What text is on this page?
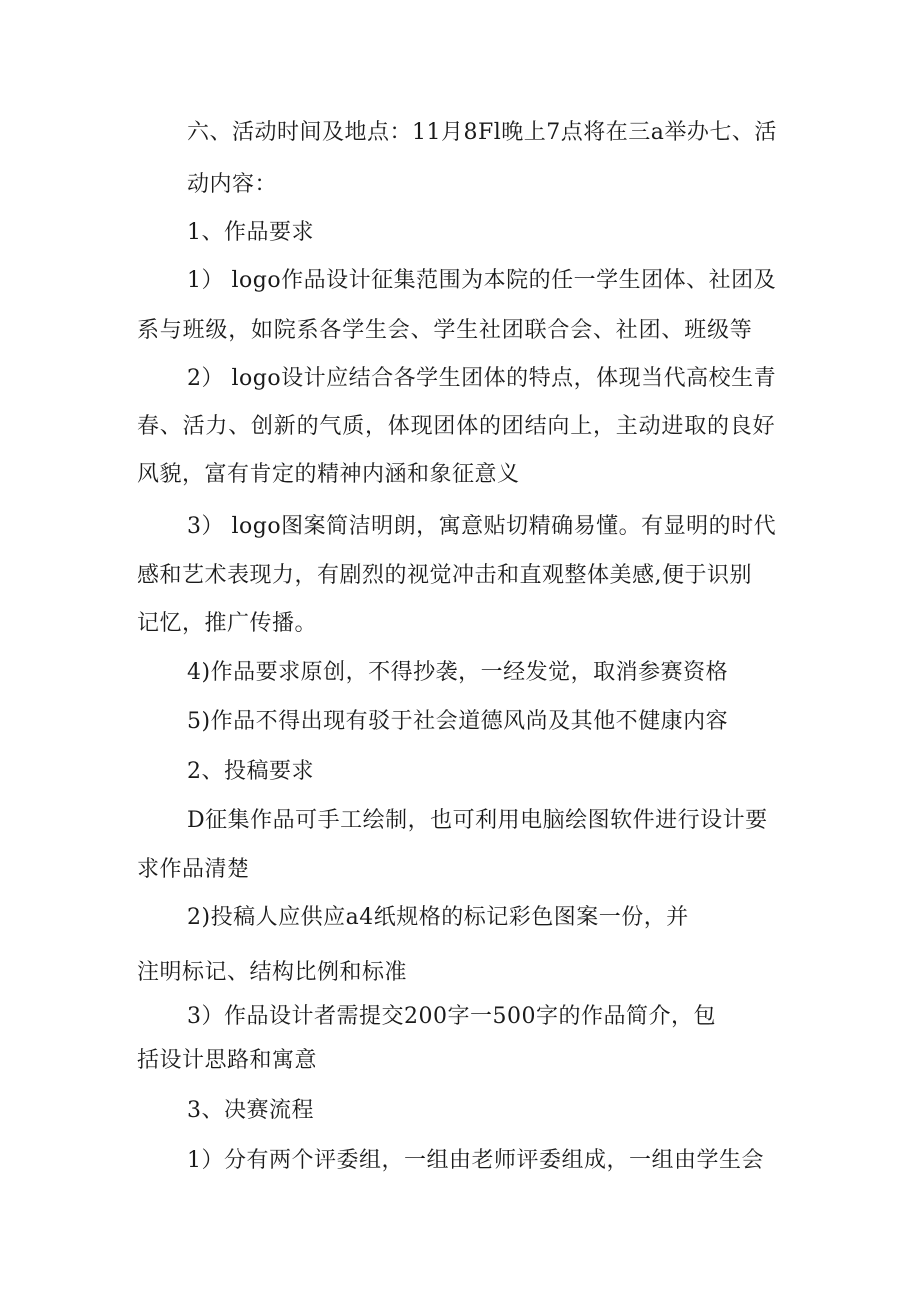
六、活动时间及地点：11月8Fl晚上7点将在三a举办七、活
动内容：
1、作品要求
1） logo作品设计征集范围为本院的任一学生团体、社团及
系与班级，如院系各学生会、学生社团联合会、社团、班级等
2） logo设计应结合各学生团体的特点，体现当代高校生青
春、活力、创新的气质，体现团体的团结向上，主动进取的良好
风貌，富有肯定的精神内涵和象征意义
3） logo图案简洁明朗，寓意贴切精确易懂。有显明的时代
感和艺术表现力，有剧烈的视觉冲击和直观整体美感,便于识别
记忆，推广传播。
4)作品要求原创，不得抄袭，一经发觉，取消参赛资格
5)作品不得出现有驳于社会道德风尚及其他不健康内容
2、投稿要求
D征集作品可手工绘制，也可利用电脑绘图软件进行设计要
求作品清楚
2)投稿人应供应a4纸规格的标记彩色图案一份，并
注明标记、结构比例和标准
3）作品设计者需提交200字一500字的作品简介，包
括设计思路和寓意
3、决赛流程
1）分有两个评委组，一组由老师评委组成，一组由学生会
